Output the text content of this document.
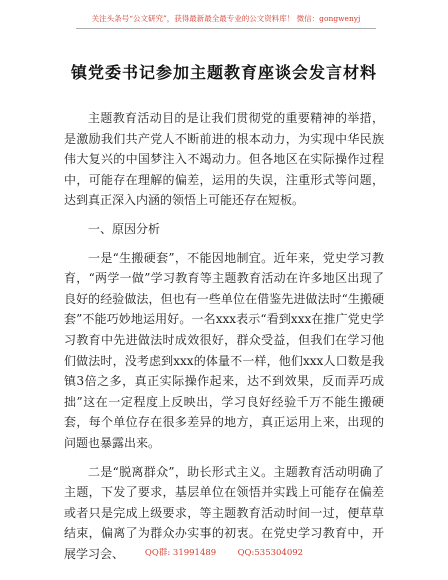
关注头条号“公文研究”，获得最新最全最专业的公文资料库！ 微信：gongwenyj
镇党委书记参加主题教育座谈会发言材料

主题教育活动目的是让我们贯彻党的重要精神的举措，是激励我们共产党人不断前进的根本动力，为实现中华民族伟大复兴的中国梦注入不竭动力。但各地区在实际操作过程中，可能存在理解的偏差，运用的失误，注重形式等问题，达到真正深入内涵的领悟上可能还存在短板。

一、原因分析

一是“生搬硬套”，不能因地制宜。近年来，党史学习教育，“两学一做”学习教育等主题教育活动在许多地区出现了良好的经验做法，但也有一些单位在借鉴先进做法时“生搬硬套”不能巧妙地运用好。一名xxx表示“看到xxx在推广党史学习教育中先进做法时成效很好，群众受益，但我们在学习他们做法时，没考虑到xxx的体量不一样，他们xxx人口数是我镇3倍之多，真正实际操作起来，达不到效果，反而弄巧成拙”这在一定程度上反映出，学习良好经验千万不能生搬硬套，每个单位存在很多差异的地方，真正运用上来，出现的问题也暴露出来。

二是“脱离群众”，助长形式主义。主题教育活动明确了主题，下发了要求，基层单位在领悟并实践上可能存在偏差或者只是完成上级要求，等主题教育活动时间一过，便草草结束，偏离了为群众办实事的初衷。在党史学习教育中，开展学习会、	QQ群: 31991489	QQ:535304092
